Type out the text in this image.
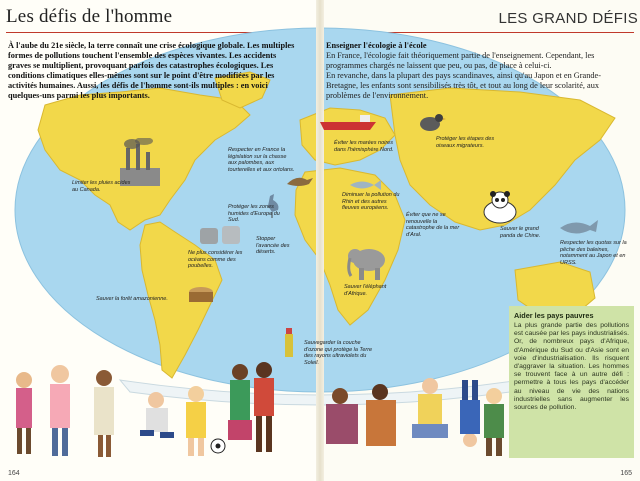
Les défis de l'homme	LES GRAND DÉFIS

À l'aube du 21e siècle, la terre connaît une crise écologique globale. Les multiples formes de pollutions touchent l'ensemble des espèces vivantes. Les accidents graves se multiplient, provoquant parfois des catastrophes écologiques. Les conditions climatiques elles-mêmes sont sur le point d'être modifiées par les activités humaines. Aussi, les défis de l'homme sont-ils multiples : en voici quelques-uns parmi les plus importants.

Enseigner l'écologie à l'école

En France, l'écologie fait théoriquement partie de l'enseignement. Cependant, les programmes chargés ne laissent que peu, ou pas, de place à celui-ci.

En revanche, dans la plupart des pays scandinaves, ainsi qu'au Japon et en Grande-Bretagne, les enfants sont sensibilisés très tôt, et tout au long de leur scolarité, aux problèmes de l'environnement.

Limiter les pluies acides au Canada.
Respecter en France la législation sur la chasse aux palombes, aux tourterelles et aux ortolans.
Protéger les zones humides d'Europe du Sud.
Ne plus considérer les océans comme des poubelles.
Stopper l'avancée des déserts.
Sauver la forêt amazonienne.
Éviter les marées noires dans l'hémisphère Nord.
Diminuer la pollution du Rhin et des autres fleuves européens.
Éviter que ne se renouvelle la catastrophe de la mer d'Aral.
Protéger les étapes des oiseaux migrateurs.
Sauver le grand panda de Chine.
Respecter les quotas sur la pêche des baleines, notamment au Japon et en URSS.
Sauver l'éléphant d'Afrique.
Sauvegarder la couche d'ozone qui protège la Terre des rayons ultraviolets du Soleil.
Aider les pays pauvres

La plus grande partie des pollutions est causée par les pays industrialisés. Or, de nombreux pays d'Afrique, d'Amérique du Sud ou d'Asie sont en voie d'industrialisation. Ils risquent d'aggraver la situation. Les hommes se trouvent face à un autre défi : permettre à tous les pays d'accéder au niveau de vie des nations industrielles sans augmenter les sources de pollution.

164	165
